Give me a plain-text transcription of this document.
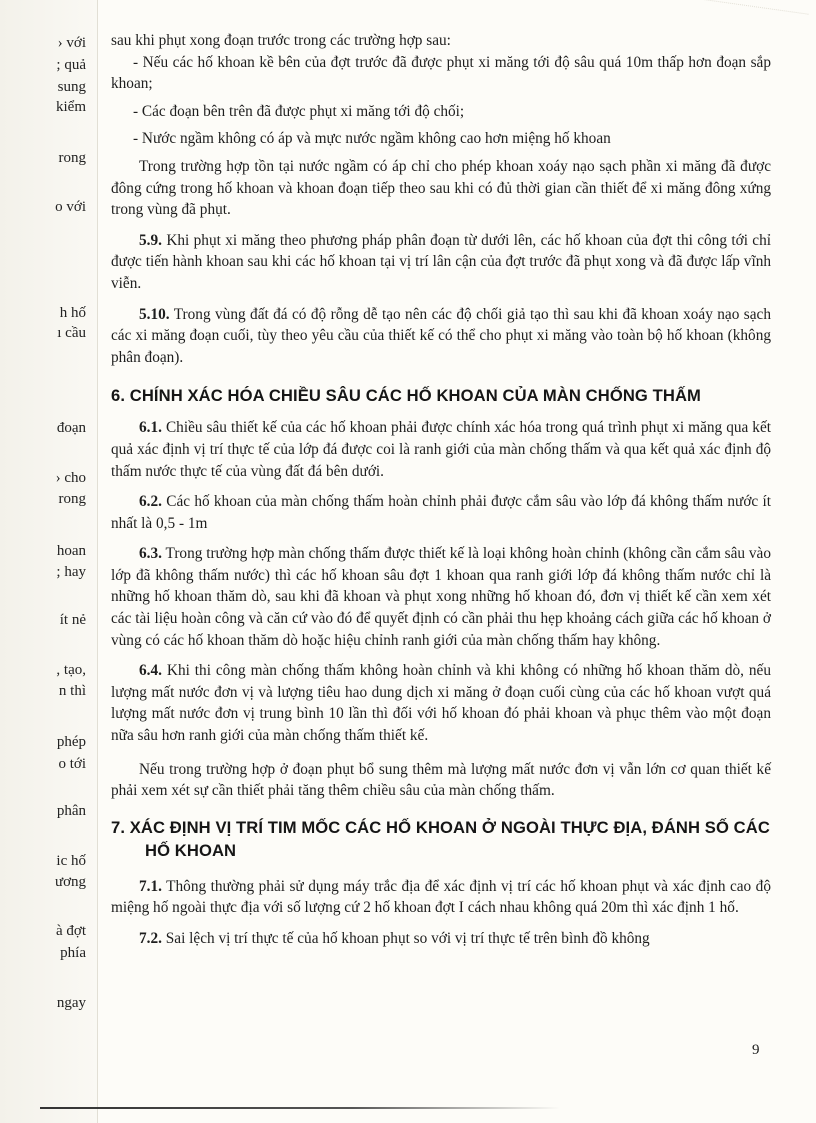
› với
; quả
sung
kiểm
rong
o với
h hố
ı cầu
đoạn
› cho
rong
hoan
; hay
ít nẻ
, tạo,
n thì
phép
o tới
phân
ic hố
ương
à đợt
phía
ngay

sau khi phụt xong đoạn trước trong các trường hợp sau:

- Nếu các hố khoan kề bên của đợt trước đã được phụt xi măng tới độ sâu quá 10m thấp hơn đoạn sắp khoan;

- Các đoạn bên trên đã được phụt xi măng tới độ chối;

- Nước ngầm không có áp và mực nước ngầm không cao hơn miệng hố khoan

Trong trường hợp tồn tại nước ngầm có áp chỉ cho phép khoan xoáy nạo sạch phần xi măng đã được đông cứng trong hố khoan và khoan đoạn tiếp theo sau khi có đủ thời gian cần thiết để xi măng đông xứng trong vùng đã phụt.

5.9. Khi phụt xi măng theo phương pháp phân đoạn từ dưới lên, các hố khoan của đợt thi công tới chỉ được tiến hành khoan sau khi các hố khoan tại vị trí lân cận của đợt trước đã phụt xong và đã được lấp vĩnh viễn.

5.10. Trong vùng đất đá có độ rỗng dễ tạo nên các độ chối giả tạo thì sau khi đã khoan xoáy nạo sạch các xi măng đoạn cuối, tùy theo yêu cầu của thiết kế có thể cho phụt xi măng vào toàn bộ hố khoan (không phân đoạn).

6. CHÍNH XÁC HÓA CHIỀU SÂU CÁC HỐ KHOAN CỦA MÀN CHỐNG THẤM

6.1. Chiều sâu thiết kế của các hố khoan phải được chính xác hóa trong quá trình phụt xi măng qua kết quả xác định vị trí thực tế của lớp đá được coi là ranh giới của màn chống thấm và qua kết quả xác định độ thấm nước thực tế của vùng đất đá bên dưới.

6.2. Các hố khoan của màn chống thấm hoàn chỉnh phải được cắm sâu vào lớp đá không thấm nước ít nhất là 0,5 - 1m

6.3. Trong trường hợp màn chống thấm được thiết kế là loại không hoàn chỉnh (không cần cắm sâu vào lớp đã không thấm nước) thì các hố khoan sâu đợt 1 khoan qua ranh giới lớp đá không thấm nước chỉ là những hố khoan thăm dò, sau khi đã khoan và phụt xong những hố khoan đó, đơn vị thiết kế cần xem xét các tài liệu hoàn công và căn cứ vào đó để quyết định có cần phải thu hẹp khoảng cách giữa các hố khoan ở vùng có các hố khoan thăm dò hoặc hiệu chỉnh ranh giới của màn chống thấm hay không.

6.4. Khi thi công màn chống thấm không hoàn chỉnh và khi không có những hố khoan thăm dò, nếu lượng mất nước đơn vị và lượng tiêu hao dung dịch xi măng ở đoạn cuối cùng của các hố khoan vượt quá lượng mất nước đơn vị trung bình 10 lần thì đối với hố khoan đó phải khoan và phục thêm vào một đoạn nữa sâu hơn ranh giới của màn chống thấm thiết kế.

Nếu trong trường hợp ở đoạn phụt bổ sung thêm mà lượng mất nước đơn vị vẫn lớn cơ quan thiết kế phải xem xét sự cần thiết phải tăng thêm chiều sâu của màn chống thấm.

7. XÁC ĐỊNH VỊ TRÍ TIM MỐC CÁC HỐ KHOAN Ở NGOÀI THỰC ĐỊA, ĐÁNH SỐ CÁC HỐ KHOAN

7.1. Thông thường phải sử dụng máy trắc địa để xác định vị trí các hố khoan phụt và xác định cao độ miệng hố ngoài thực địa với số lượng cứ 2 hố khoan đợt I cách nhau không quá 20m thì xác định 1 hố.

7.2. Sai lệch vị trí thực tế của hố khoan phụt so với vị trí thực tế trên bình đồ không

9
